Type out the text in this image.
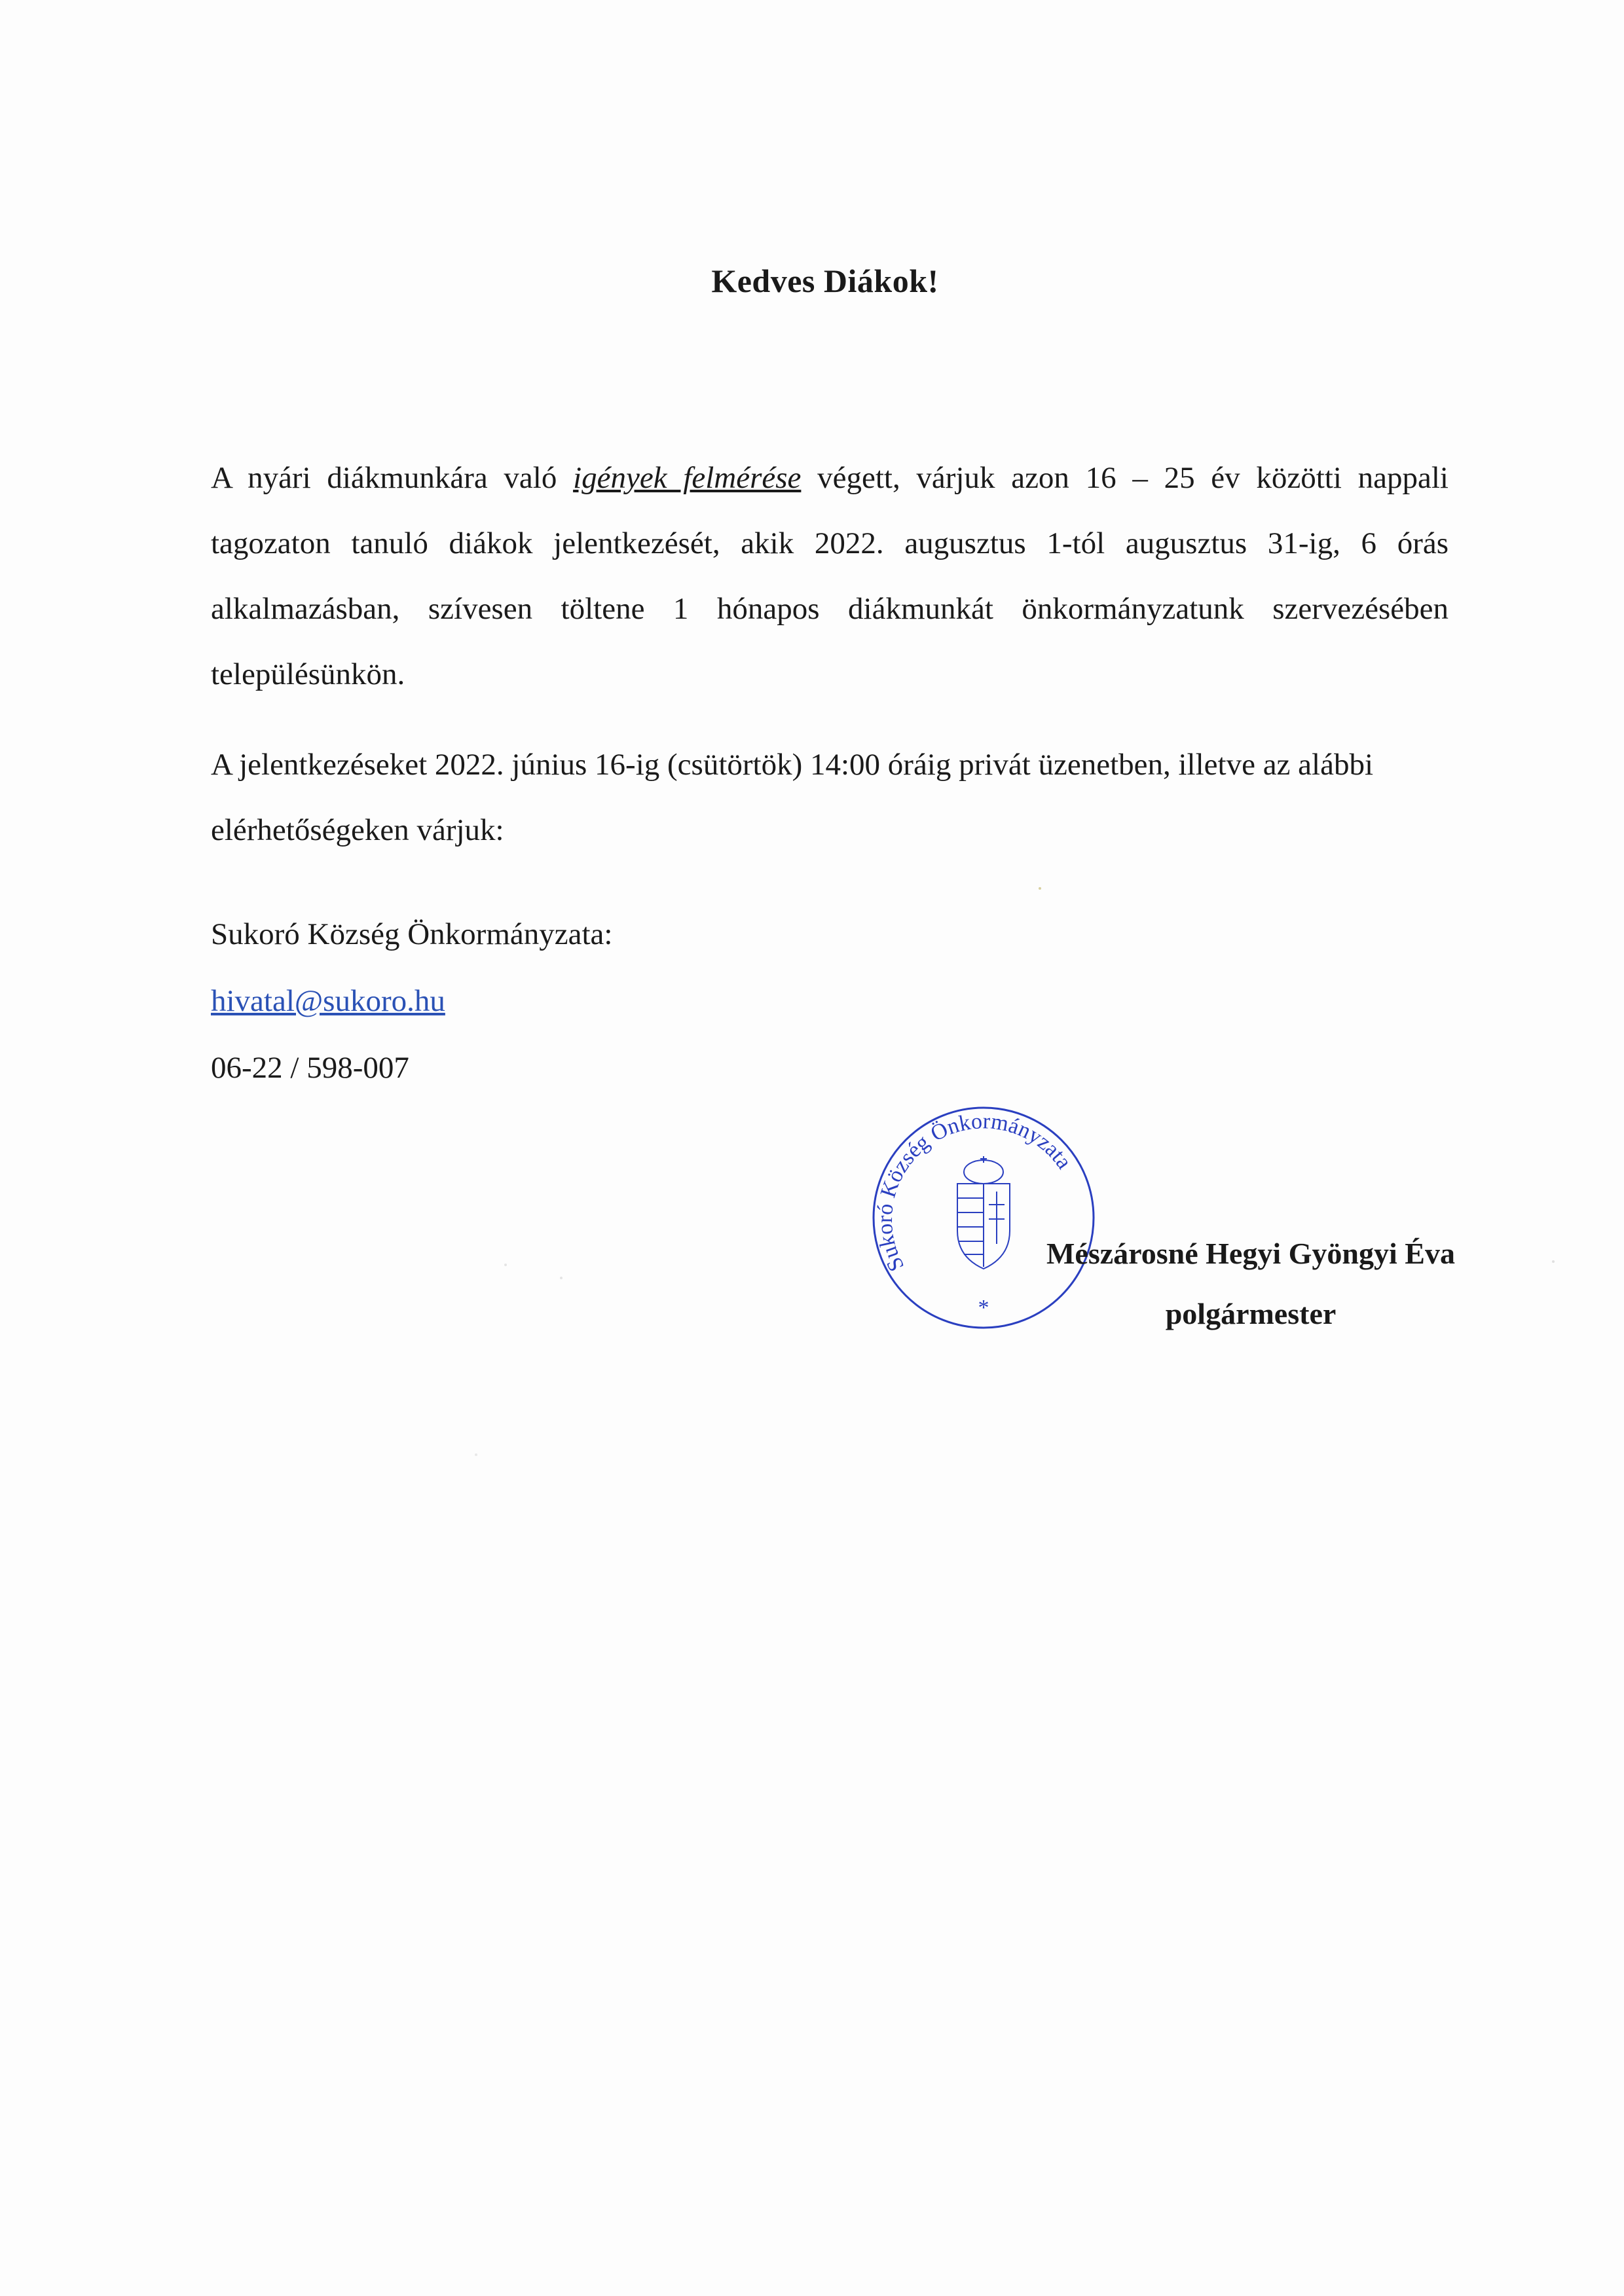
Kedves Diákok!
A nyári diákmunkára való igények felmérése végett, várjuk azon 16 – 25 év közötti nappali
tagozaton tanuló diákok jelentkezését, akik 2022. augusztus 1-tól augusztus 31-ig, 6 órás
alkalmazásban, szívesen töltene 1 hónapos diákmunkát önkormányzatunk szervezésében
településünkön.
A jelentkezéseket 2022. június 16-ig (csütörtök) 14:00 óráig privát üzenetben, illetve az alábbi
elérhetőségeken várjuk:
Sukoró Község Önkormányzata:
hivatal@sukoro.hu
06-22 / 598-007
Sukoró Község Önkormányzata
*
Mészárosné Hegyi Gyöngyi Éva
polgármester
